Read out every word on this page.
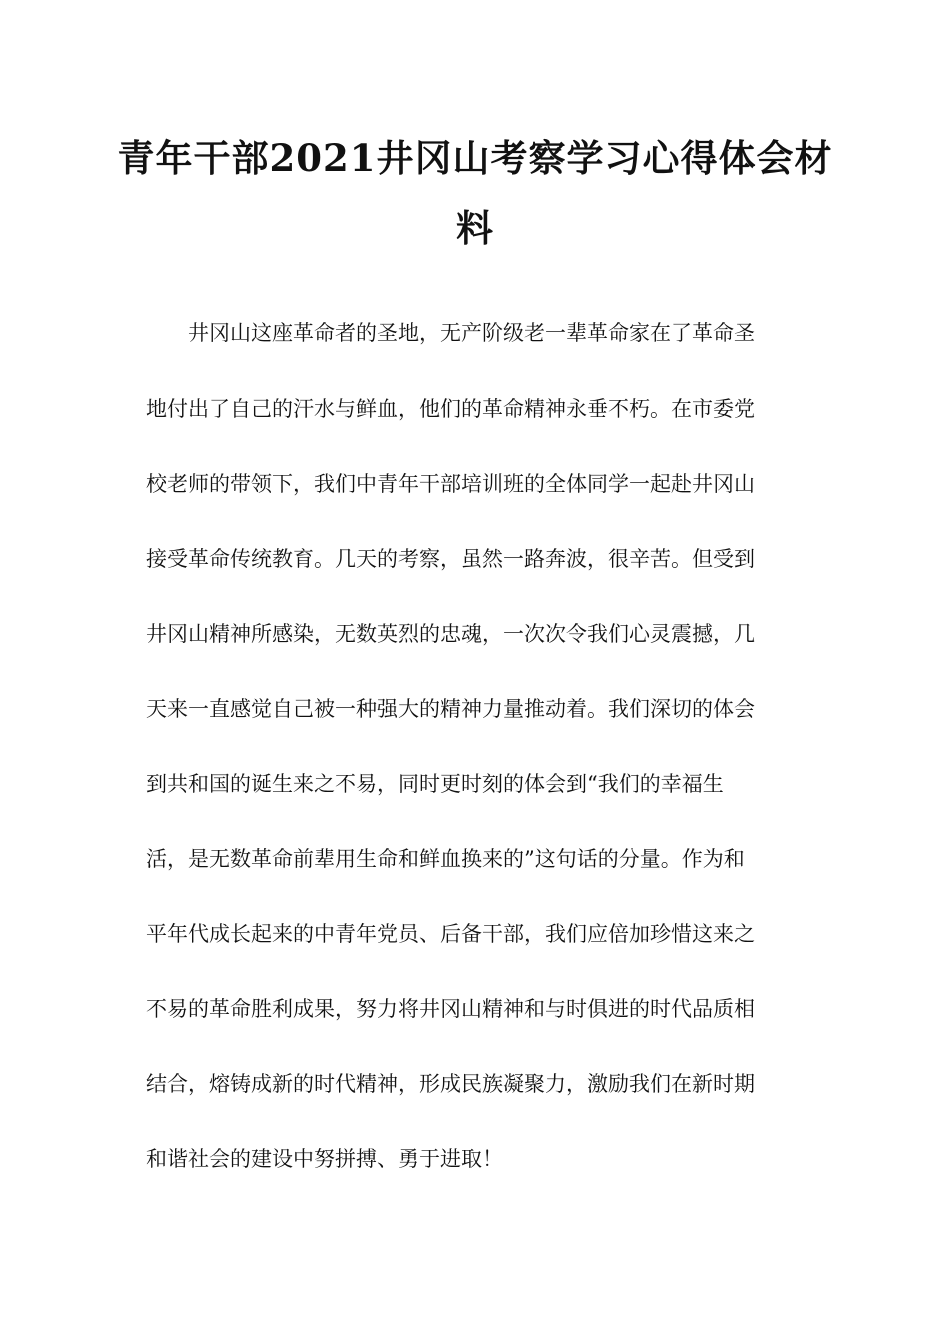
青年干部2021井冈山考察学习心得体会材
料

　　井冈山这座革命者的圣地，无产阶级老一辈革命家在了革命圣

地付出了自己的汗水与鲜血，他们的革命精神永垂不朽。在市委党

校老师的带领下，我们中青年干部培训班的全体同学一起赴井冈山

接受革命传统教育。几天的考察，虽然一路奔波，很辛苦。但受到

井冈山精神所感染，无数英烈的忠魂，一次次令我们心灵震撼，几

天来一直感觉自己被一种强大的精神力量推动着。我们深切的体会

到共和国的诞生来之不易，同时更时刻的体会到“我们的幸福生

活，是无数革命前辈用生命和鲜血换来的”这句话的分量。作为和

平年代成长起来的中青年党员、后备干部，我们应倍加珍惜这来之

不易的革命胜利成果，努力将井冈山精神和与时俱进的时代品质相

结合，熔铸成新的时代精神，形成民族凝聚力，激励我们在新时期

和谐社会的建设中努拼搏、勇于进取！
